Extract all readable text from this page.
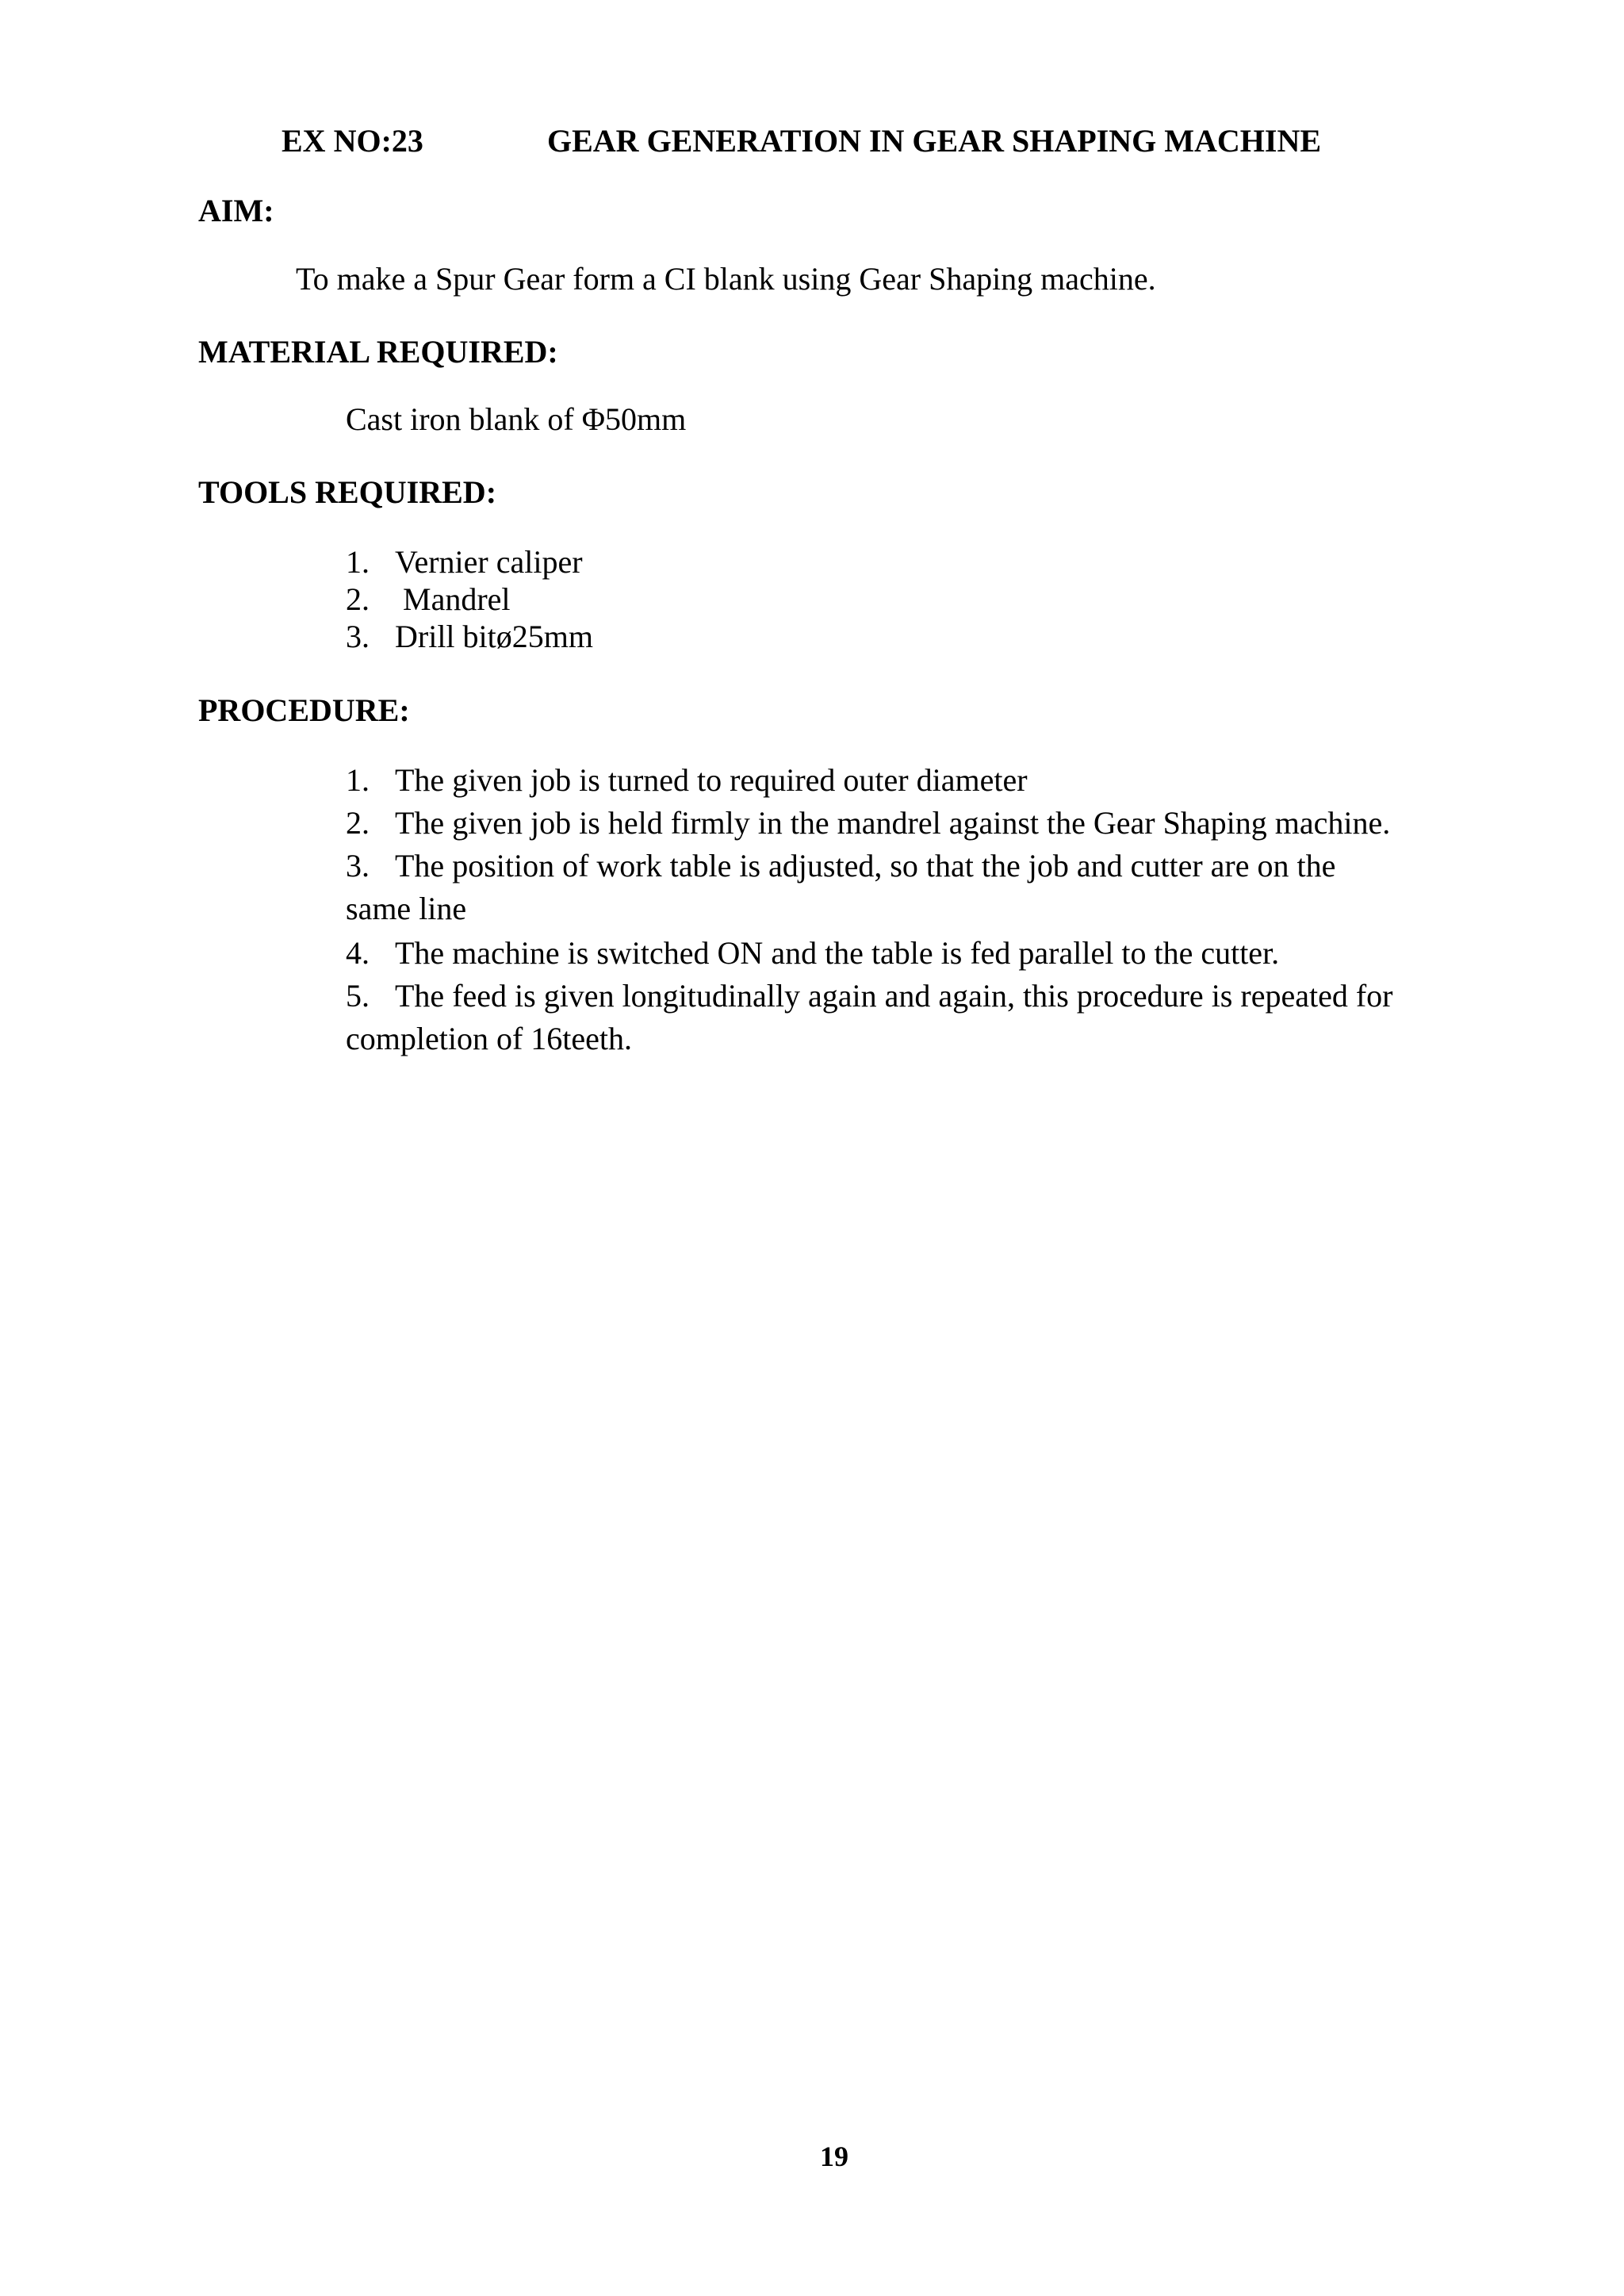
EX NO:23	GEAR GENERATION IN GEAR SHAPING MACHINE
AIM:
To make a Spur Gear form a CI blank using Gear Shaping machine.
MATERIAL REQUIRED:
Cast iron blank of Φ50mm
TOOLS REQUIRED:
1. Vernier caliper
2. Mandrel
3. Drill bitø25mm
PROCEDURE:
1. The given job is turned to required outer diameter
2. The given job is held firmly in the mandrel against the Gear Shaping machine.
3. The position of work table is adjusted, so that the job and cutter are on the same line
4. The machine is switched ON and the table is fed parallel to the cutter.
5. The feed is given longitudinally again and again, this procedure is repeated for completion of 16teeth.
19
